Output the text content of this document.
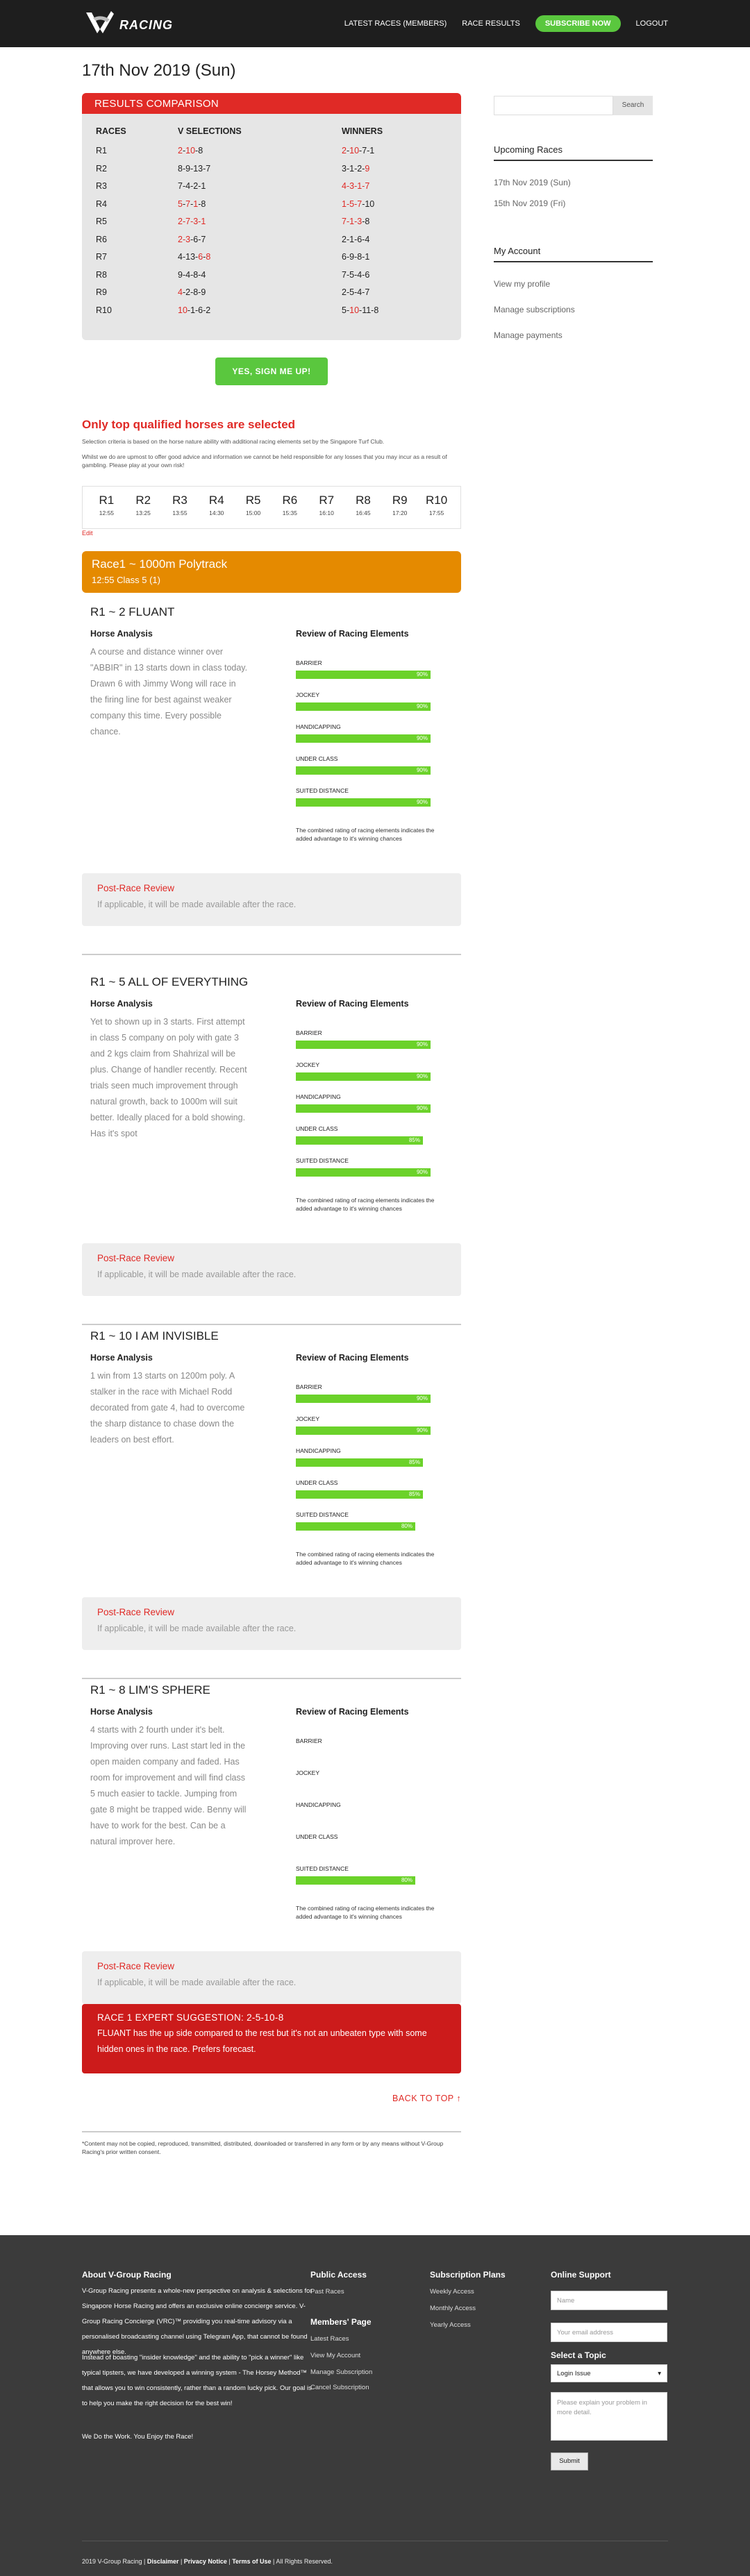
RACING	LATEST RACES (MEMBERS) RACE RESULTS	SUBSCRIBE NOW	LOGOUT
17th Nov 2019 (Sun)
RESULTS COMPARISON
RACES	V SELECTIONS	WINNERS
R1	2-10-8	2-10-7-1
R2	8-9-13-7	3-1-2-9
R3	7-4-2-1	4-3-1-7
R4	5-7-1-8	1-5-7-10
R5	2-7-3-1	7-1-3-8
R6	2-3-6-7	2-1-6-4
R7	4-13-6-8	6-9-8-1
R8	9-4-8-4	7-5-4-6
R9	4-2-8-9	2-5-4-7
R10	10-1-6-2	5-10-11-8
YES, SIGN ME UP!
Only top qualified horses are selected
Selection criteria is based on the horse nature ability with additional racing elements set by the Singapore Turf Club.
Whilst we do are upmost to offer good advice and information we cannot be held responsible for any losses that you may incur as a result of gambling. Please play at your own risk!
R1
12:55
R2
13:25
R3
13:55
R4
14:30
R5
15:00
R6
15:35
R7
16:10
R8
16:45
R9
17:20
R10
17:55
Edit
Race1 ~ 1000m Polytrack
12:55 Class 5 (1)
R1 ~ 2 FLUANT
Horse Analysis
A course and distance winner over "ABBIR" in 13 starts down in class today. Drawn 6 with Jimmy Wong will race in the firing line for best against weaker company this time. Every possible chance.
Review of Racing Elements
BARRIER
90%
JOCKEY
90%
HANDICAPPING
90%
UNDER CLASS
90%
SUITED DISTANCE
90%
The combined rating of racing elements indicates the added advantage to it's winning chances
Post-Race Review
If applicable, it will be made available after the race.
R1 ~ 5 ALL OF EVERYTHING
Horse Analysis
Yet to shown up in 3 starts. First attempt in class 5 company on poly with gate 3 and 2 kgs claim from Shahrizal will be plus. Change of handler recently. Recent trials seen much improvement through natural growth, back to 1000m will suit better. Ideally placed for a bold showing. Has it's spot
Review of Racing Elements
BARRIER
90%
JOCKEY
90%
HANDICAPPING
90%
UNDER CLASS
85%
SUITED DISTANCE
90%
The combined rating of racing elements indicates the added advantage to it's winning chances
Post-Race Review
If applicable, it will be made available after the race.
R1 ~ 10 I AM INVISIBLE
Horse Analysis
1 win from 13 starts on 1200m poly. A stalker in the race with Michael Rodd decorated from gate 4, had to overcome the sharp distance to chase down the leaders on best effort.
Review of Racing Elements
BARRIER
90%
JOCKEY
90%
HANDICAPPING
85%
UNDER CLASS
85%
SUITED DISTANCE
80%
The combined rating of racing elements indicates the added advantage to it's winning chances
Post-Race Review
If applicable, it will be made available after the race.
R1 ~ 8 LIM'S SPHERE
Horse Analysis
4 starts with 2 fourth under it's belt. Improving over runs. Last start led in the open maiden company and faded. Has room for improvement and will find class 5 much easier to tackle. Jumping from gate 8 might be trapped wide. Benny will have to work for the best. Can be a natural improver here.
Review of Racing Elements
BARRIER
JOCKEY
HANDICAPPING
UNDER CLASS
SUITED DISTANCE
80%
The combined rating of racing elements indicates the added advantage to it's winning chances
Post-Race Review
If applicable, it will be made available after the race.
RACE 1 EXPERT SUGGESTION: 2-5-10-8
FLUANT has the up side compared to the rest but it's not an unbeaten type with some hidden ones in the race. Prefers forecast.
BACK TO TOP ↑
*Content may not be copied, reproduced, transmitted, distributed, downloaded or transferred in any form or by any means without V-Group Racing's prior written consent.
Search
Upcoming Races
17th Nov 2019 (Sun)
15th Nov 2019 (Fri)
My Account
View my profile
Manage subscriptions
Manage payments
About V-Group Racing
V-Group Racing presents a whole-new perspective on analysis & selections for Singapore Horse Racing and offers an exclusive online concierge service. V-Group Racing Concierge (VRC)™ providing you real-time advisory via a personalised broadcasting channel using Telegram App, that cannot be found anywhere else.
Instead of boasting "insider knowledge" and the ability to "pick a winner" like typical tipsters, we have developed a winning system - The Horsey Method™ that allows you to win consistently, rather than a random lucky pick. Our goal is to help you make the right decision for the best win!
We Do the Work. You Enjoy the Race!
Public Access
Past Races
Members' Page
Latest Races
View My Account
Manage Subscription
Cancel Subscription
Subscription Plans
Weekly Access
Monthly Access
Yearly Access
Online Support
Name
Your email address
Select a Topic
Login Issue	▾
Please explain your problem in more detail.
Submit
2019 V-Group Racing | Disclaimer | Privacy Notice | Terms of Use | All Rights Reserved.
